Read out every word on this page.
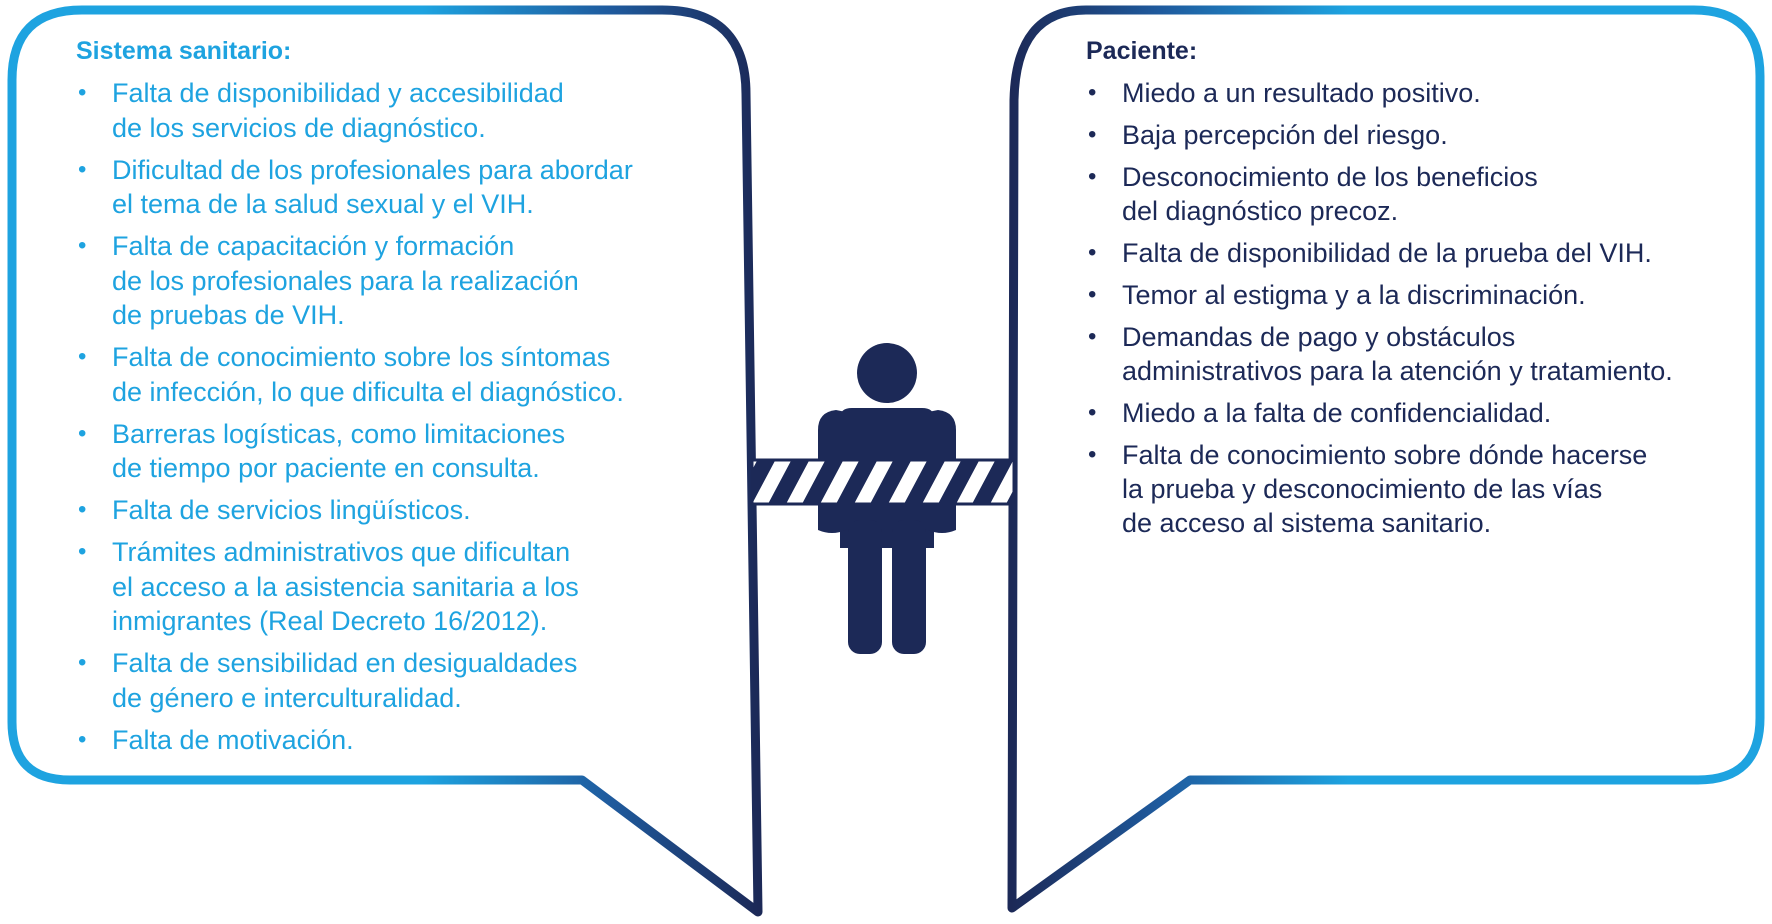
Sistema sanitario:
• Falta de disponibilidad y accesibilidad
de los servicios de diagnóstico.
• Dificultad de los profesionales para abordar
el tema de la salud sexual y el VIH.
• Falta de capacitación y formación
de los profesionales para la realización
de pruebas de VIH.
• Falta de conocimiento sobre los síntomas
de infección, lo que dificulta el diagnóstico.
• Barreras logísticas, como limitaciones
de tiempo por paciente en consulta.
• Falta de servicios lingüísticos.
• Trámites administrativos que dificultan
el acceso a la asistencia sanitaria a los
inmigrantes (Real Decreto 16/2012).
• Falta de sensibilidad en desigualdades
de género e interculturalidad.
• Falta de motivación.
Paciente:
• Miedo a un resultado positivo.
• Baja percepción del riesgo.
• Desconocimiento de los beneficios
del diagnóstico precoz.
• Falta de disponibilidad de la prueba del VIH.
• Temor al estigma y a la discriminación.
• Demandas de pago y obstáculos
administrativos para la atención y tratamiento.
• Miedo a la falta de confidencialidad.
• Falta de conocimiento sobre dónde hacerse
la prueba y desconocimiento de las vías
de acceso al sistema sanitario.
